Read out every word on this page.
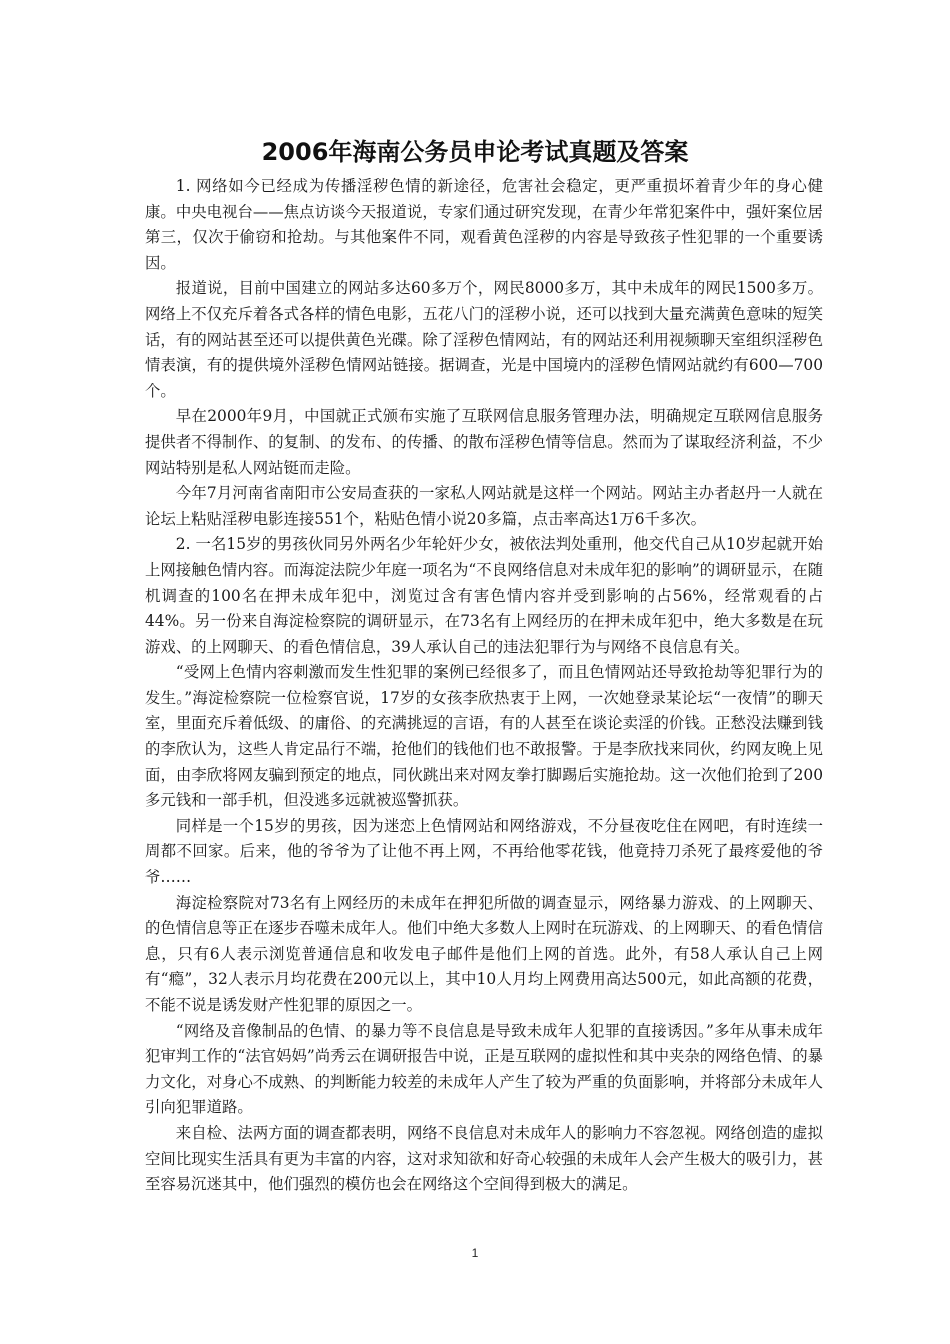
2006年海南公务员申论考试真题及答案

1. 网络如今已经成为传播淫秽色情的新途径，危害社会稳定，更严重损坏着青少年的身心健康。中央电视台——焦点访谈今天报道说，专家们通过研究发现，在青少年常犯案件中，强奸案位居第三，仅次于偷窃和抢劫。与其他案件不同，观看黄色淫秽的内容是导致孩子性犯罪的一个重要诱因。

报道说，目前中国建立的网站多达60多万个，网民8000多万，其中未成年的网民1500多万。网络上不仅充斥着各式各样的情色电影，五花八门的淫秽小说，还可以找到大量充满黄色意味的短笑话，有的网站甚至还可以提供黄色光碟。除了淫秽色情网站，有的网站还利用视频聊天室组织淫秽色情表演，有的提供境外淫秽色情网站链接。据调查，光是中国境内的淫秽色情网站就约有600—700个。

早在2000年9月，中国就正式颁布实施了互联网信息服务管理办法，明确规定互联网信息服务提供者不得制作、的复制、的发布、的传播、的散布淫秽色情等信息。然而为了谋取经济利益，不少网站特别是私人网站铤而走险。

今年7月河南省南阳市公安局查获的一家私人网站就是这样一个网站。网站主办者赵丹一人就在论坛上粘贴淫秽电影连接551个，粘贴色情小说20多篇，点击率高达1万6千多次。

2. 一名15岁的男孩伙同另外两名少年轮奸少女，被依法判处重刑，他交代自己从10岁起就开始上网接触色情内容。而海淀法院少年庭一项名为“不良网络信息对未成年犯的影响”的调研显示，在随机调查的100名在押未成年犯中，浏览过含有害色情内容并受到影响的占56%，经常观看的占44%。另一份来自海淀检察院的调研显示，在73名有上网经历的在押未成年犯中，绝大多数是在玩游戏、的上网聊天、的看色情信息，39人承认自己的违法犯罪行为与网络不良信息有关。

“受网上色情内容刺激而发生性犯罪的案例已经很多了，而且色情网站还导致抢劫等犯罪行为的发生。”海淀检察院一位检察官说，17岁的女孩李欣热衷于上网，一次她登录某论坛“一夜情”的聊天室，里面充斥着低级、的庸俗、的充满挑逗的言语，有的人甚至在谈论卖淫的价钱。正愁没法赚到钱的李欣认为，这些人肯定品行不端，抢他们的钱他们也不敢报警。于是李欣找来同伙，约网友晚上见面，由李欣将网友骗到预定的地点，同伙跳出来对网友拳打脚踢后实施抢劫。这一次他们抢到了200多元钱和一部手机，但没逃多远就被巡警抓获。

同样是一个15岁的男孩，因为迷恋上色情网站和网络游戏，不分昼夜吃住在网吧，有时连续一周都不回家。后来，他的爷爷为了让他不再上网，不再给他零花钱，他竟持刀杀死了最疼爱他的爷爷……

海淀检察院对73名有上网经历的未成年在押犯所做的调查显示，网络暴力游戏、的上网聊天、的色情信息等正在逐步吞噬未成年人。他们中绝大多数人上网时在玩游戏、的上网聊天、的看色情信息，只有6人表示浏览普通信息和收发电子邮件是他们上网的首选。此外，有58人承认自己上网有“瘾”，32人表示月均花费在200元以上，其中10人月均上网费用高达500元，如此高额的花费，不能不说是诱发财产性犯罪的原因之一。

“网络及音像制品的色情、的暴力等不良信息是导致未成年人犯罪的直接诱因。”多年从事未成年犯审判工作的“法官妈妈”尚秀云在调研报告中说，正是互联网的虚拟性和其中夹杂的网络色情、的暴力文化，对身心不成熟、的判断能力较差的未成年人产生了较为严重的负面影响，并将部分未成年人引向犯罪道路。

来自检、法两方面的调查都表明，网络不良信息对未成年人的影响力不容忽视。网络创造的虚拟空间比现实生活具有更为丰富的内容，这对求知欲和好奇心较强的未成年人会产生极大的吸引力，甚至容易沉迷其中，他们强烈的模仿也会在网络这个空间得到极大的满足。

1
